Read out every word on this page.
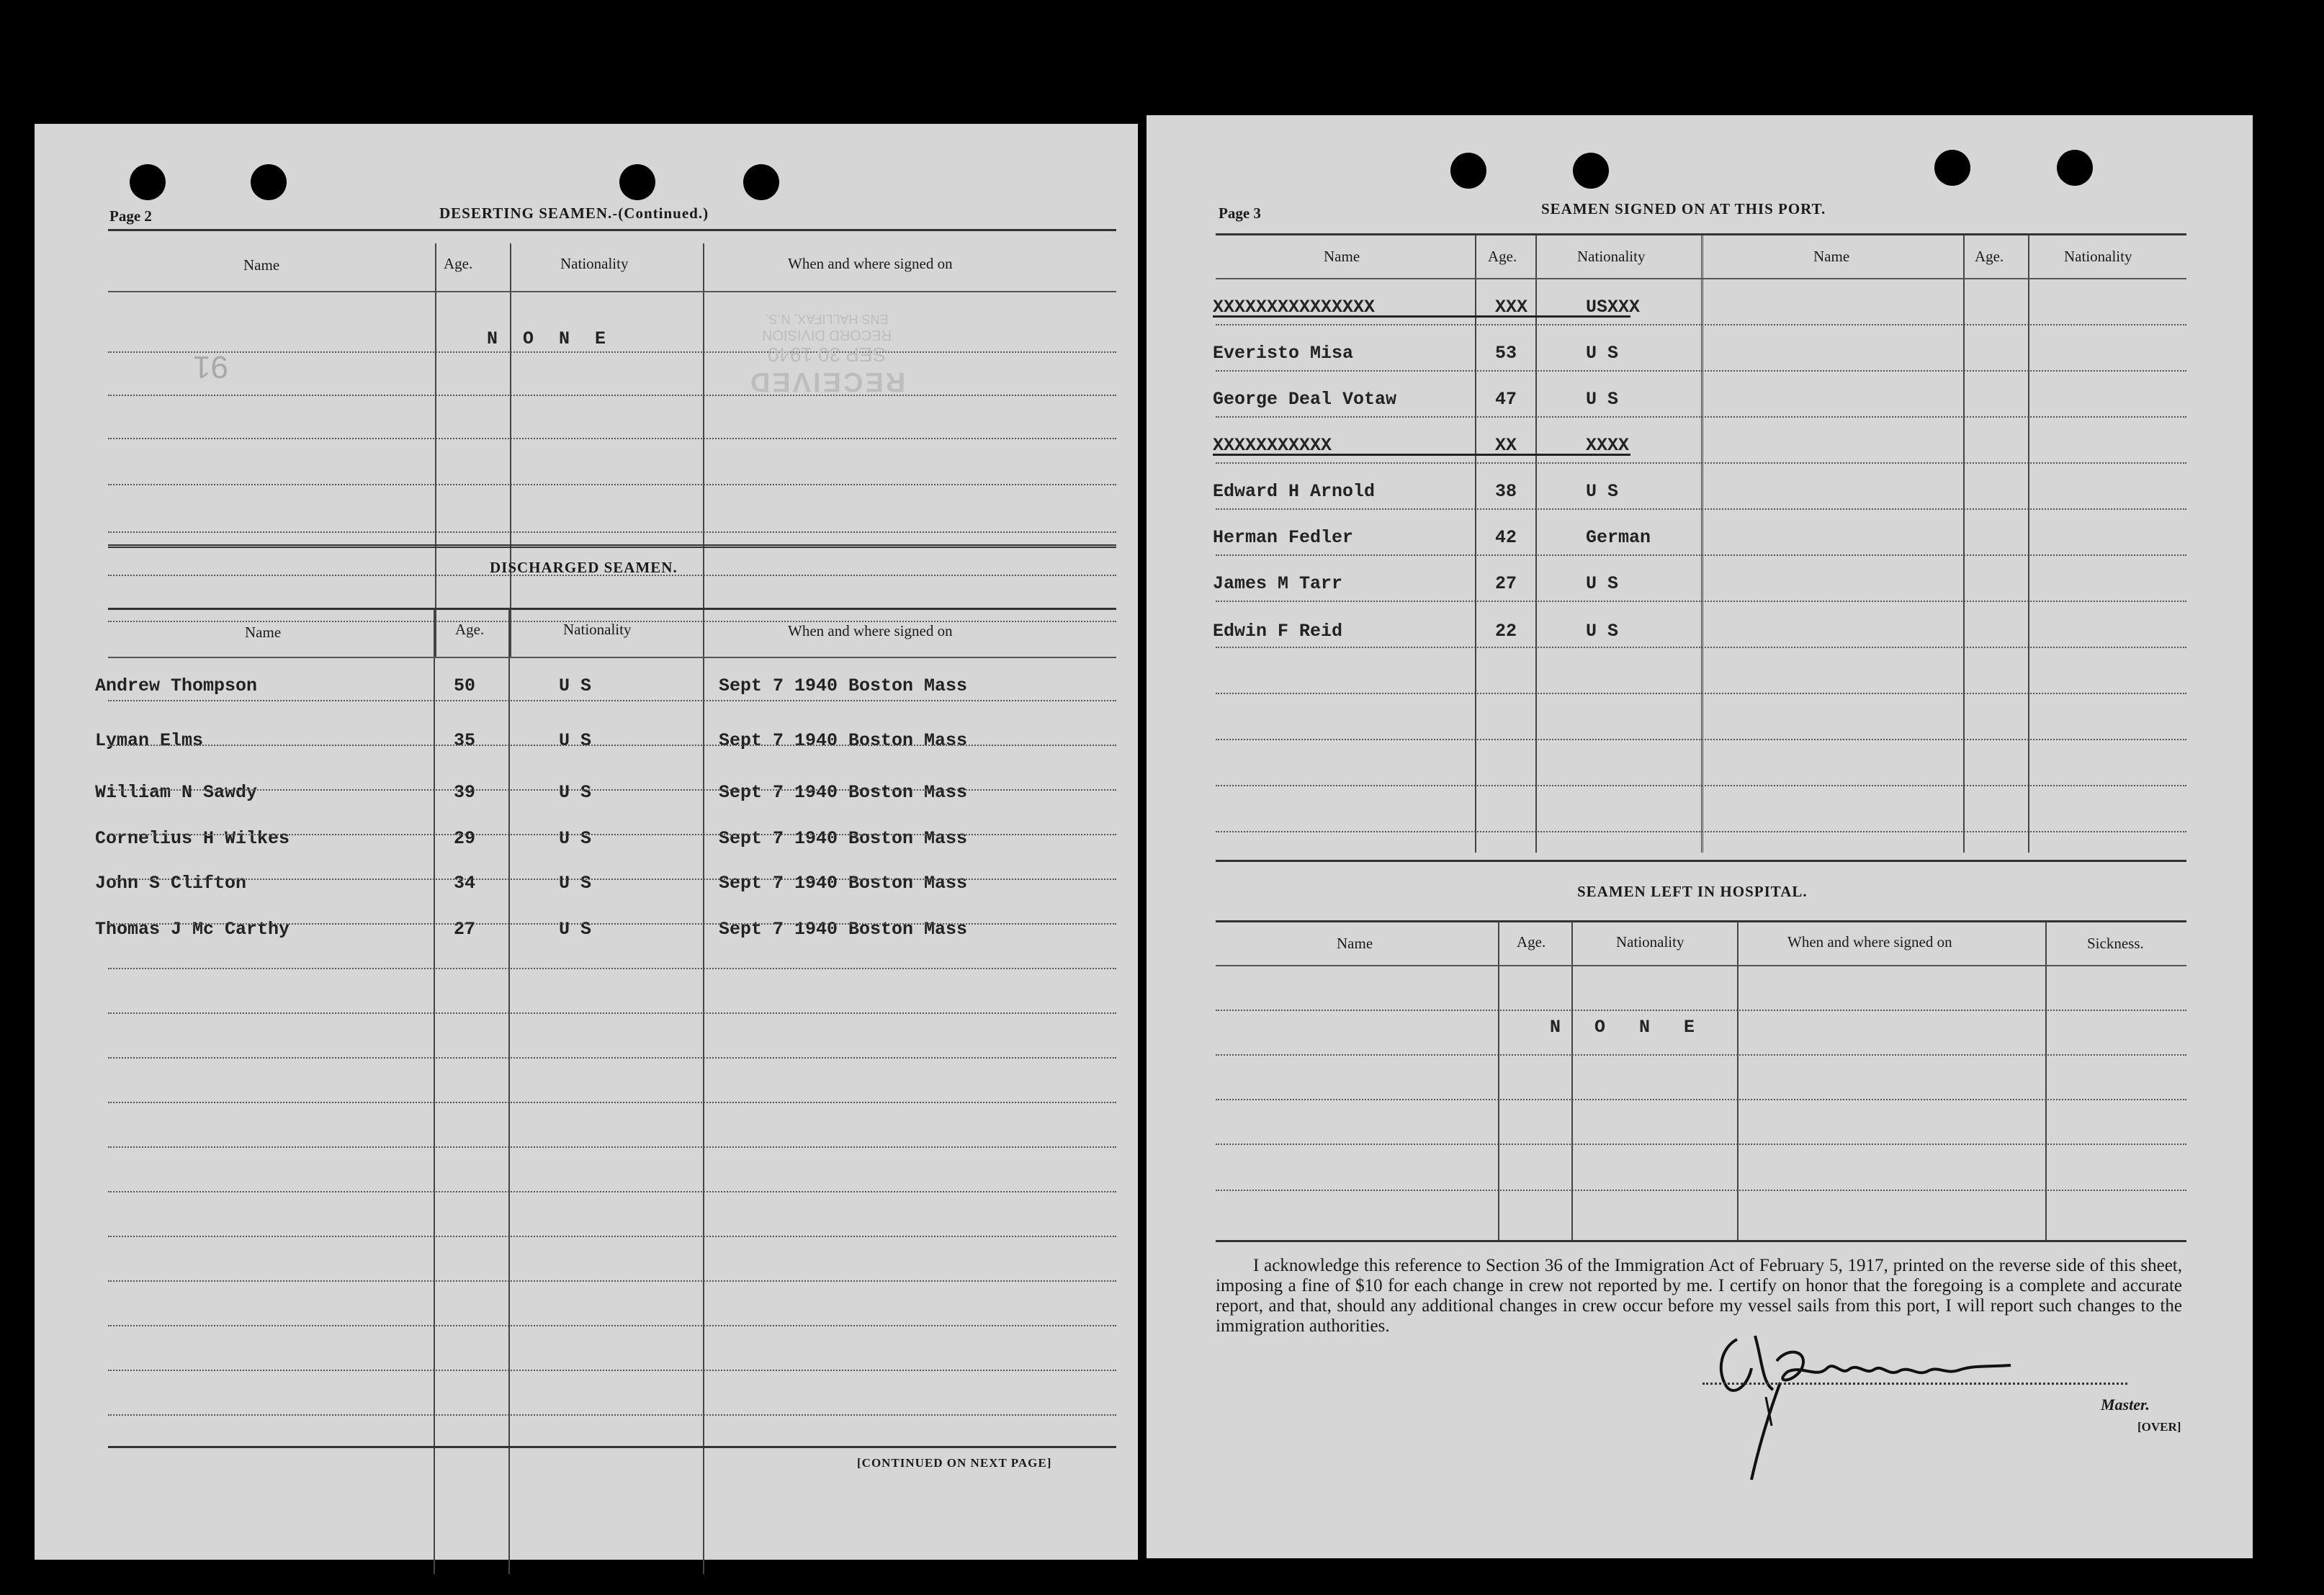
Page 2	DESERTING SEAMEN.-(Continued.)
Name	Age.	Nationality	When and where signed on
N O N E
RECEIVED
SEP 30 1940
RECORD DIVISION
ENS HALLIFAX, N.S.
91
DISCHARGED SEAMEN.
Name	Age.	Nationality	When and where signed on
Andrew Thompson	50	U S	Sept 7 1940 Boston Mass
Lyman Elms	35	U S	Sept 7 1940 Boston Mass
William N Sawdy	39	U S	Sept 7 1940 Boston Mass
Cornelius H Wilkes	29	U S	Sept 7 1940 Boston Mass
John S Clifton	34	U S	Sept 7 1940 Boston Mass
Thomas J Mc Carthy	27	U S	Sept 7 1940 Boston Mass
[CONTINUED ON NEXT PAGE]
Page 3	SEAMEN SIGNED ON AT THIS PORT.
Name	Age.	Nationality	Name	Age.	Nationality
XXXXXXXXXXXXXXX	XXX	USXXX
Everisto Misa	53	U S
George Deal Votaw	47	U S
XXXXXXXXXXX	XX	XXXX
Edward H Arnold	38	U S
Herman Fedler	42	German
James M Tarr	27	U S
Edwin F Reid	22	U S
SEAMEN LEFT IN HOSPITAL.
Name	Age.	Nationality	When and where signed on	Sickness.
N O N E
I acknowledge this reference to Section 36 of the Immigration Act of February 5, 1917, printed on the reverse side of this sheet, imposing a fine of $10 for each change in crew not reported by me. I certify on honor that the foregoing is a complete and accurate report, and that, should any additional changes in crew occur before my vessel sails from this port, I will report such changes to the immigration authorities.
Master.
[OVER]
